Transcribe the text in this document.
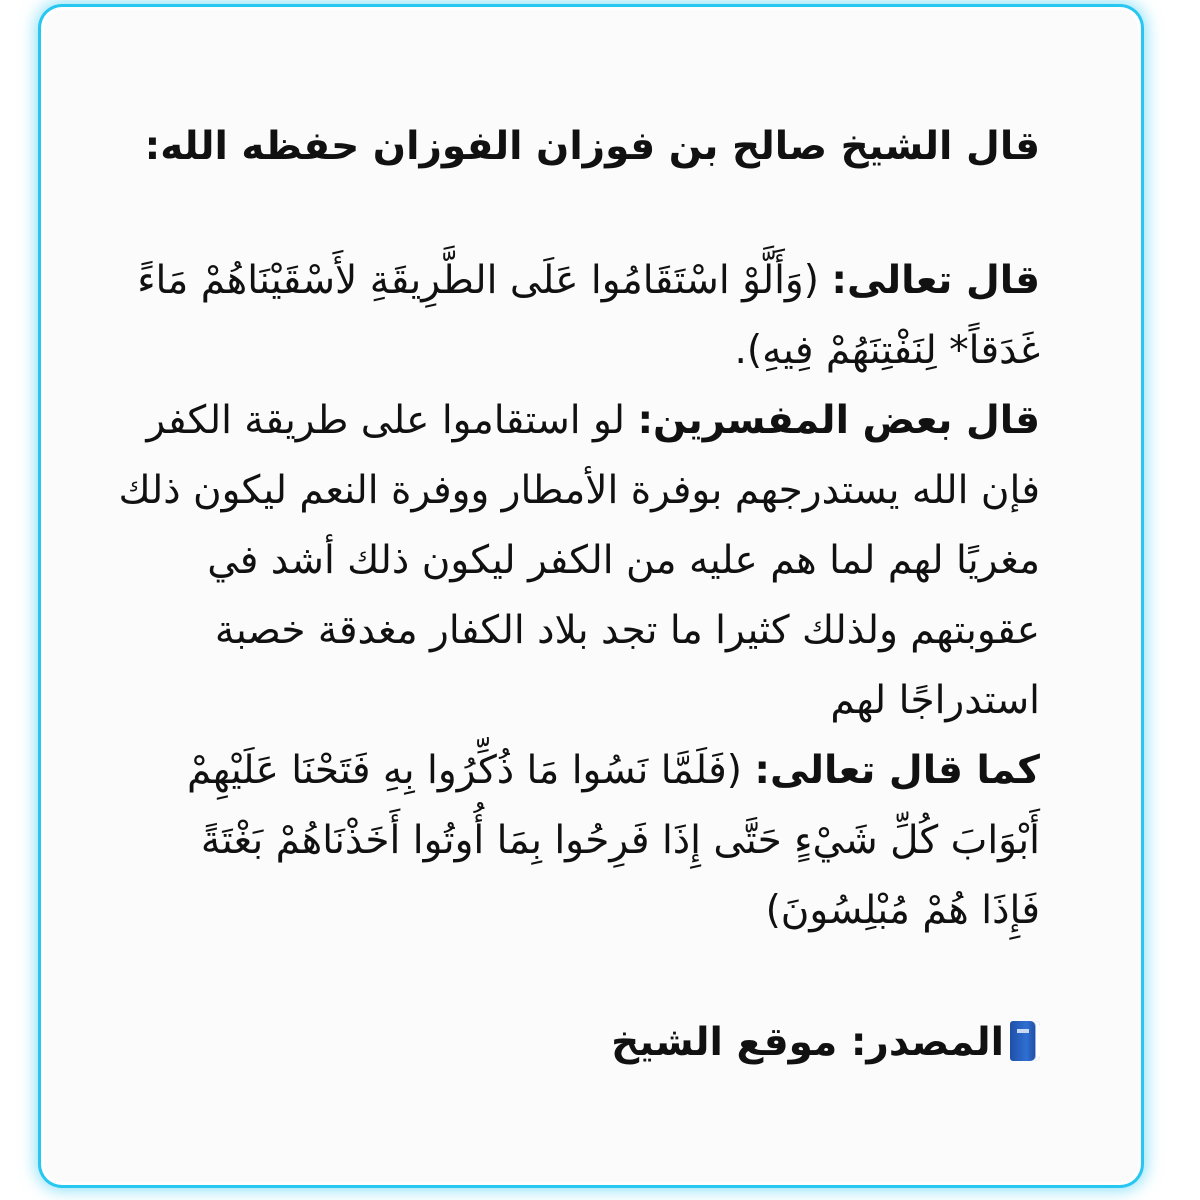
قال الشيخ صالح بن فوزان الفوزان حفظه الله:
قال تعالى: (وَأَلَّوْ اسْتَقَامُوا عَلَى الطَّرِيقَةِ لأَسْقَيْنَاهُمْ مَاءً
غَدَقاً* لِنَفْتِنَهُمْ فِيهِ).
قال بعض المفسرين: لو استقاموا على طريقة الكفر
فإن الله يستدرجهم بوفرة الأمطار ووفرة النعم ليكون ذلك
مغريًا لهم لما هم عليه من الكفر ليكون ذلك أشد في
عقوبتهم ولذلك كثيرا ما تجد بلاد الكفار مغدقة خصبة
استدراجًا لهم
كما قال تعالى: (فَلَمَّا نَسُوا مَا ذُكِّرُوا بِهِ فَتَحْنَا عَلَيْهِمْ
أَبْوَابَ كُلِّ شَيْءٍ حَتَّى إِذَا فَرِحُوا بِمَا أُوتُوا أَخَذْنَاهُمْ بَغْتَةً
فَإِذَا هُمْ مُبْلِسُونَ)
المصدر: موقع الشيخ
